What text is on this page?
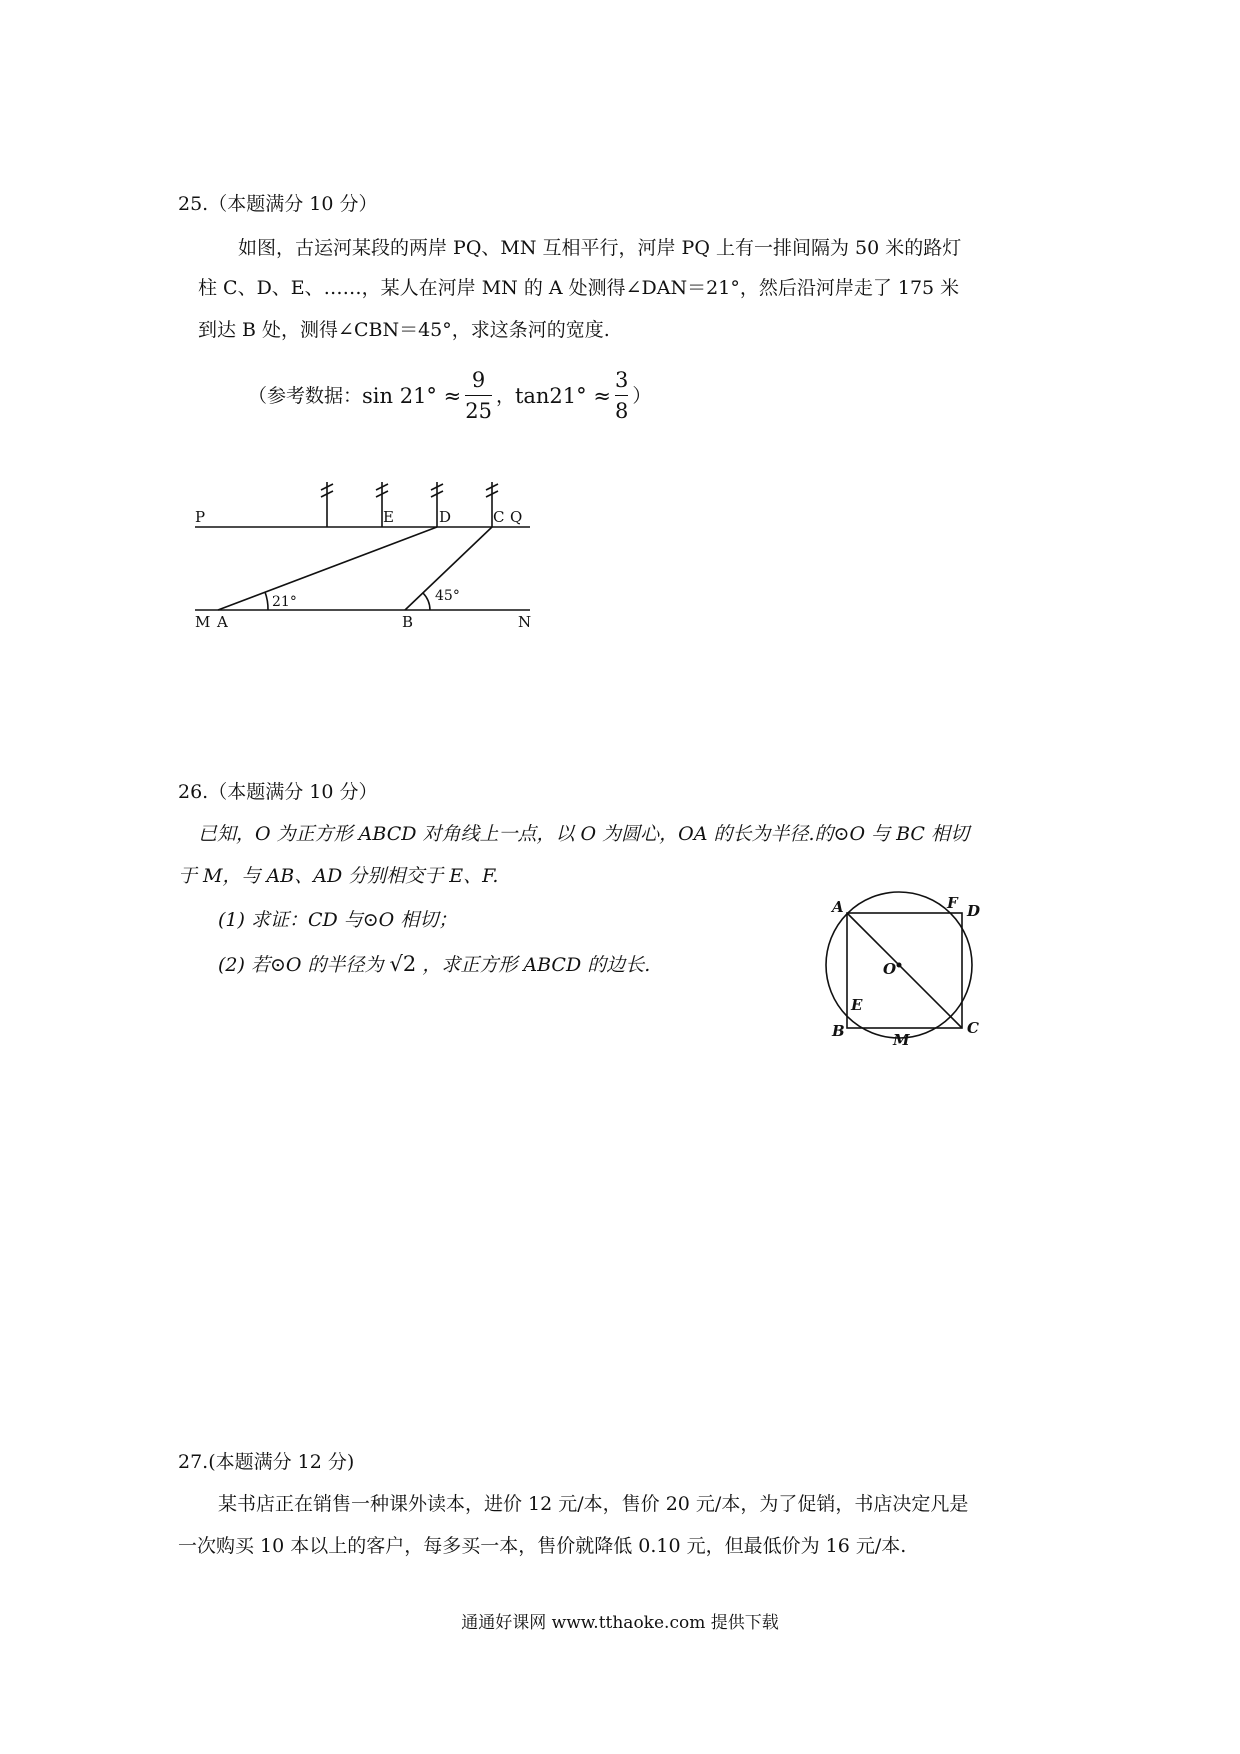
25.（本题满分 10 分）
如图，古运河某段的两岸 PQ、MN 互相平行，河岸 PQ 上有一排间隔为 50 米的路灯
柱 C、D、E、……，某人在河岸 MN 的 A 处测得∠DAN＝21°，然后沿河岸走了 175 米
到达 B 处，测得∠CBN＝45°，求这条河的宽度.
（参考数据： $\sin 21^\circ \approx \frac{9}{25}$ ， $\tan 21^\circ \approx \frac{3}{8}$ ）
P	E	D	C Q
M A	B	N
21°	45°
26.（本题满分 10 分）
已知，O 为正方形 ABCD 对角线上一点，以 O 为圆心，OA 的长为半径.的⊙O 与 BC 相切
于 M，与 AB、AD 分别相交于 E、F.
(1) 求证：CD 与⊙O 相切；
(2) 若⊙O 的半径为 √2 ，求正方形 ABCD 的边长.
A	F D
O
E
B	M
C
27.(本题满分 12 分)
某书店正在销售一种课外读本，进价 12 元/本，售价 20 元/本，为了促销，书店决定凡是
一次购买 10 本以上的客户，每多买一本，售价就降低 0.10 元，但最低价为 16 元/本.
通通好课网 www.tthaoke.com 提供下载
